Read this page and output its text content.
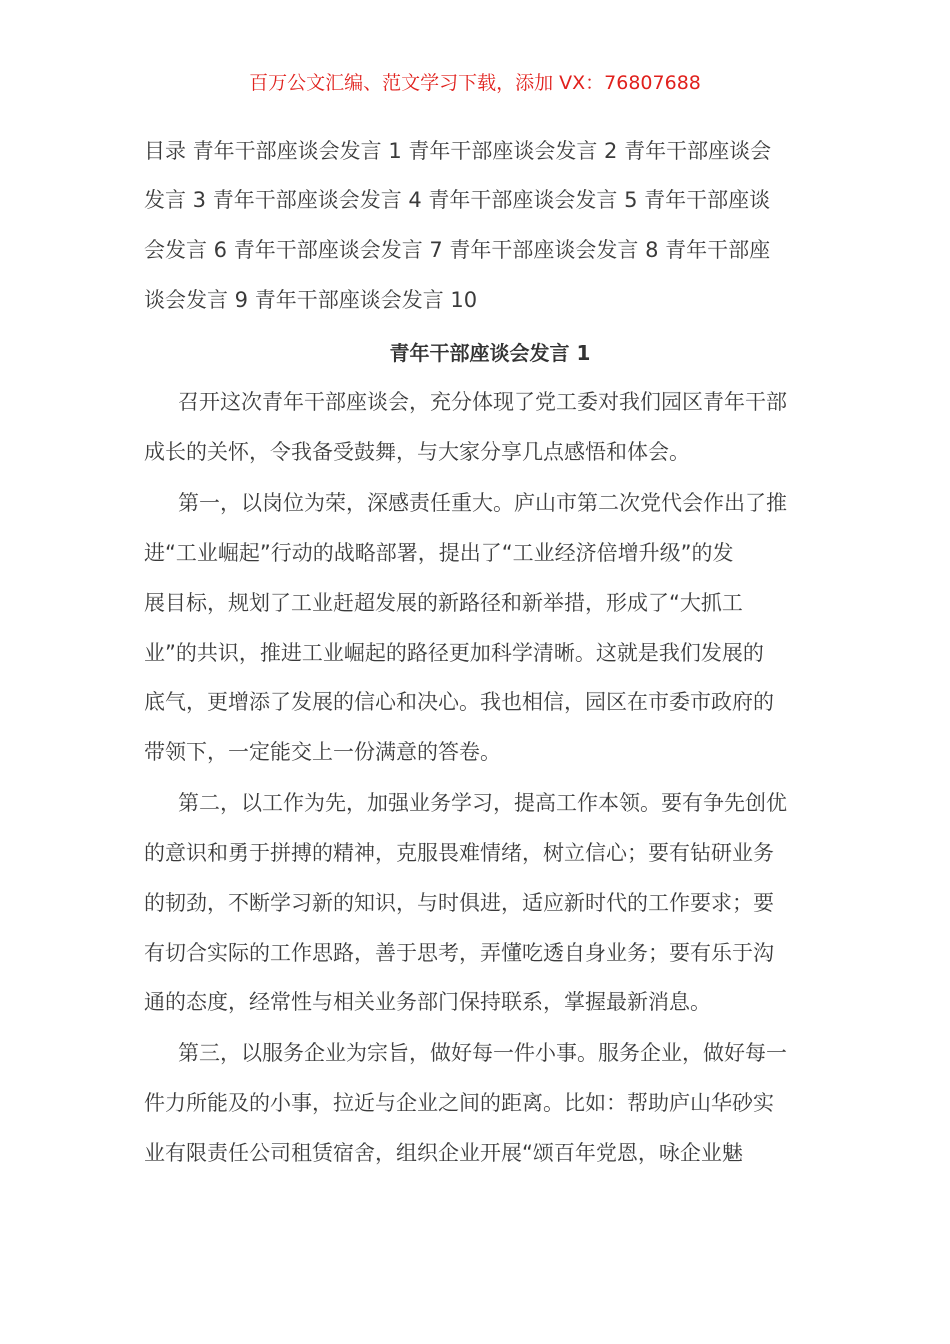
百万公文汇编、范文学习下载，添加 VX：76807688
目录 青年干部座谈会发言 1 青年干部座谈会发言 2 青年干部座谈会
发言 3 青年干部座谈会发言 4 青年干部座谈会发言 5 青年干部座谈
会发言 6 青年干部座谈会发言 7 青年干部座谈会发言 8 青年干部座
谈会发言 9 青年干部座谈会发言 10
青年干部座谈会发言 1
召开这次青年干部座谈会，充分体现了党工委对我们园区青年干部
成长的关怀，令我备受鼓舞，与大家分享几点感悟和体会。
第一，以岗位为荣，深感责任重大。庐山市第二次党代会作出了推
进“工业崛起”行动的战略部署，提出了“工业经济倍增升级”的发
展目标，规划了工业赶超发展的新路径和新举措，形成了“大抓工
业”的共识，推进工业崛起的路径更加科学清晰。这就是我们发展的
底气，更增添了发展的信心和决心。我也相信，园区在市委市政府的
带领下，一定能交上一份满意的答卷。
第二，以工作为先，加强业务学习，提高工作本领。要有争先创优
的意识和勇于拼搏的精神，克服畏难情绪，树立信心；要有钻研业务
的韧劲，不断学习新的知识，与时俱进，适应新时代的工作要求；要
有切合实际的工作思路，善于思考，弄懂吃透自身业务；要有乐于沟
通的态度，经常性与相关业务部门保持联系，掌握最新消息。
第三，以服务企业为宗旨，做好每一件小事。服务企业，做好每一
件力所能及的小事，拉近与企业之间的距离。比如：帮助庐山华砂实
业有限责任公司租赁宿舍，组织企业开展“颂百年党恩，咏企业魅
